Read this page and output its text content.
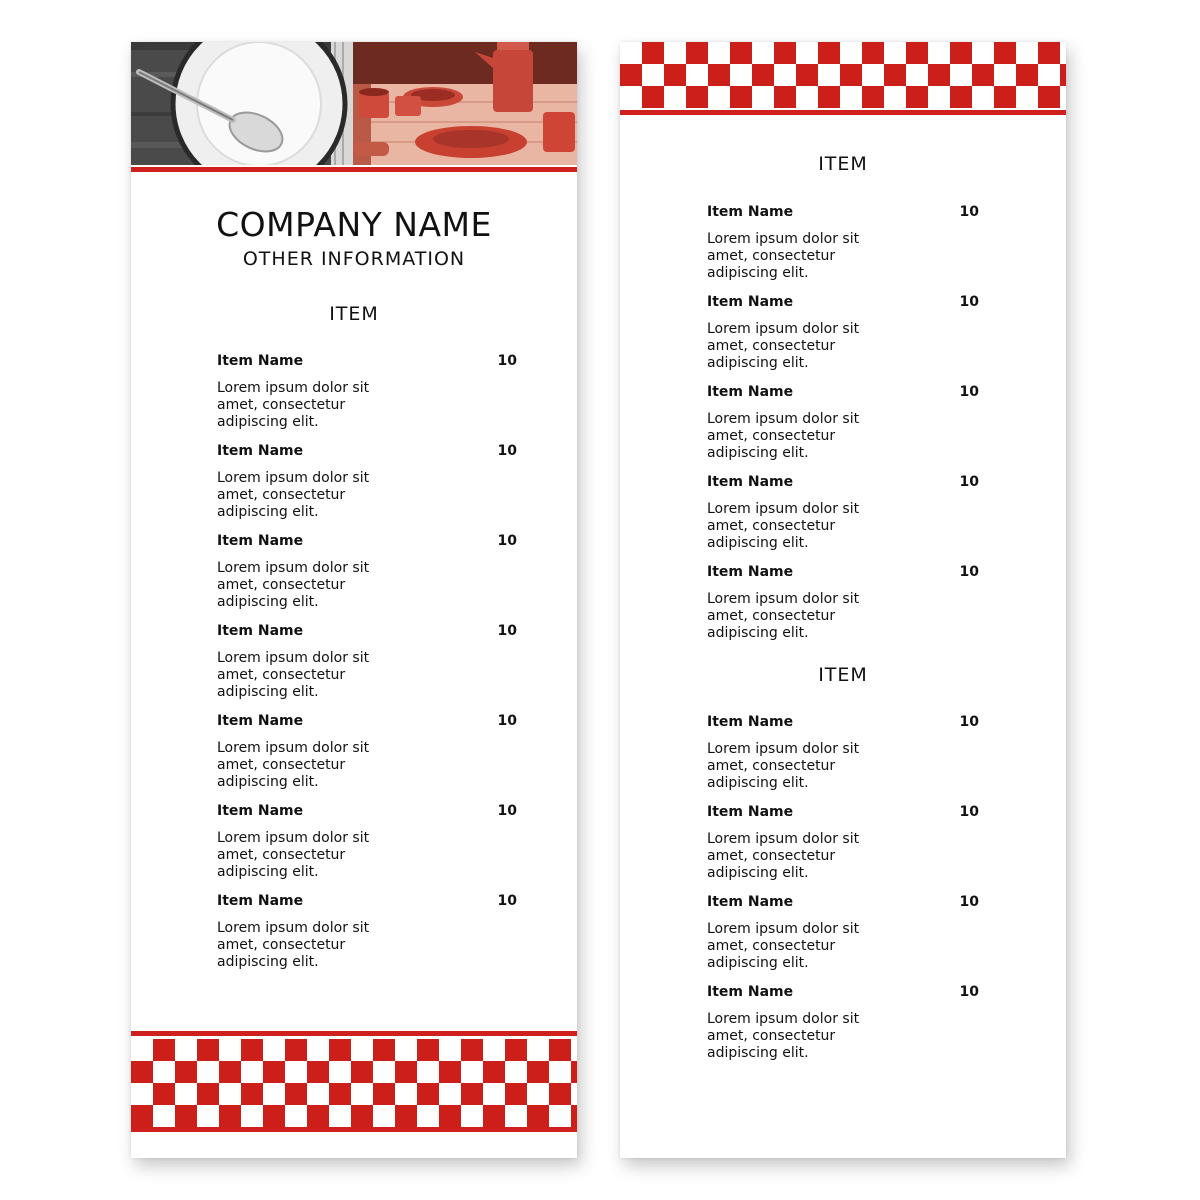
COMPANY NAME
OTHER INFORMATION
ITEM
Item Name	10
Lorem ipsum dolor sit amet, consectetur adipiscing elit.
Item Name	10
Lorem ipsum dolor sit amet, consectetur adipiscing elit.
Item Name	10
Lorem ipsum dolor sit amet, consectetur adipiscing elit.
Item Name	10
Lorem ipsum dolor sit amet, consectetur adipiscing elit.
Item Name	10
Lorem ipsum dolor sit amet, consectetur adipiscing elit.
Item Name	10
Lorem ipsum dolor sit amet, consectetur adipiscing elit.
Item Name	10
Lorem ipsum dolor sit amet, consectetur adipiscing elit.
ITEM
Item Name	10
Lorem ipsum dolor sit amet, consectetur adipiscing elit.
Item Name	10
Lorem ipsum dolor sit amet, consectetur adipiscing elit.
Item Name	10
Lorem ipsum dolor sit amet, consectetur adipiscing elit.
Item Name	10
Lorem ipsum dolor sit amet, consectetur adipiscing elit.
Item Name	10
Lorem ipsum dolor sit amet, consectetur adipiscing elit.
ITEM
Item Name	10
Lorem ipsum dolor sit amet, consectetur adipiscing elit.
Item Name	10
Lorem ipsum dolor sit amet, consectetur adipiscing elit.
Item Name	10
Lorem ipsum dolor sit amet, consectetur adipiscing elit.
Item Name	10
Lorem ipsum dolor sit amet, consectetur adipiscing elit.
